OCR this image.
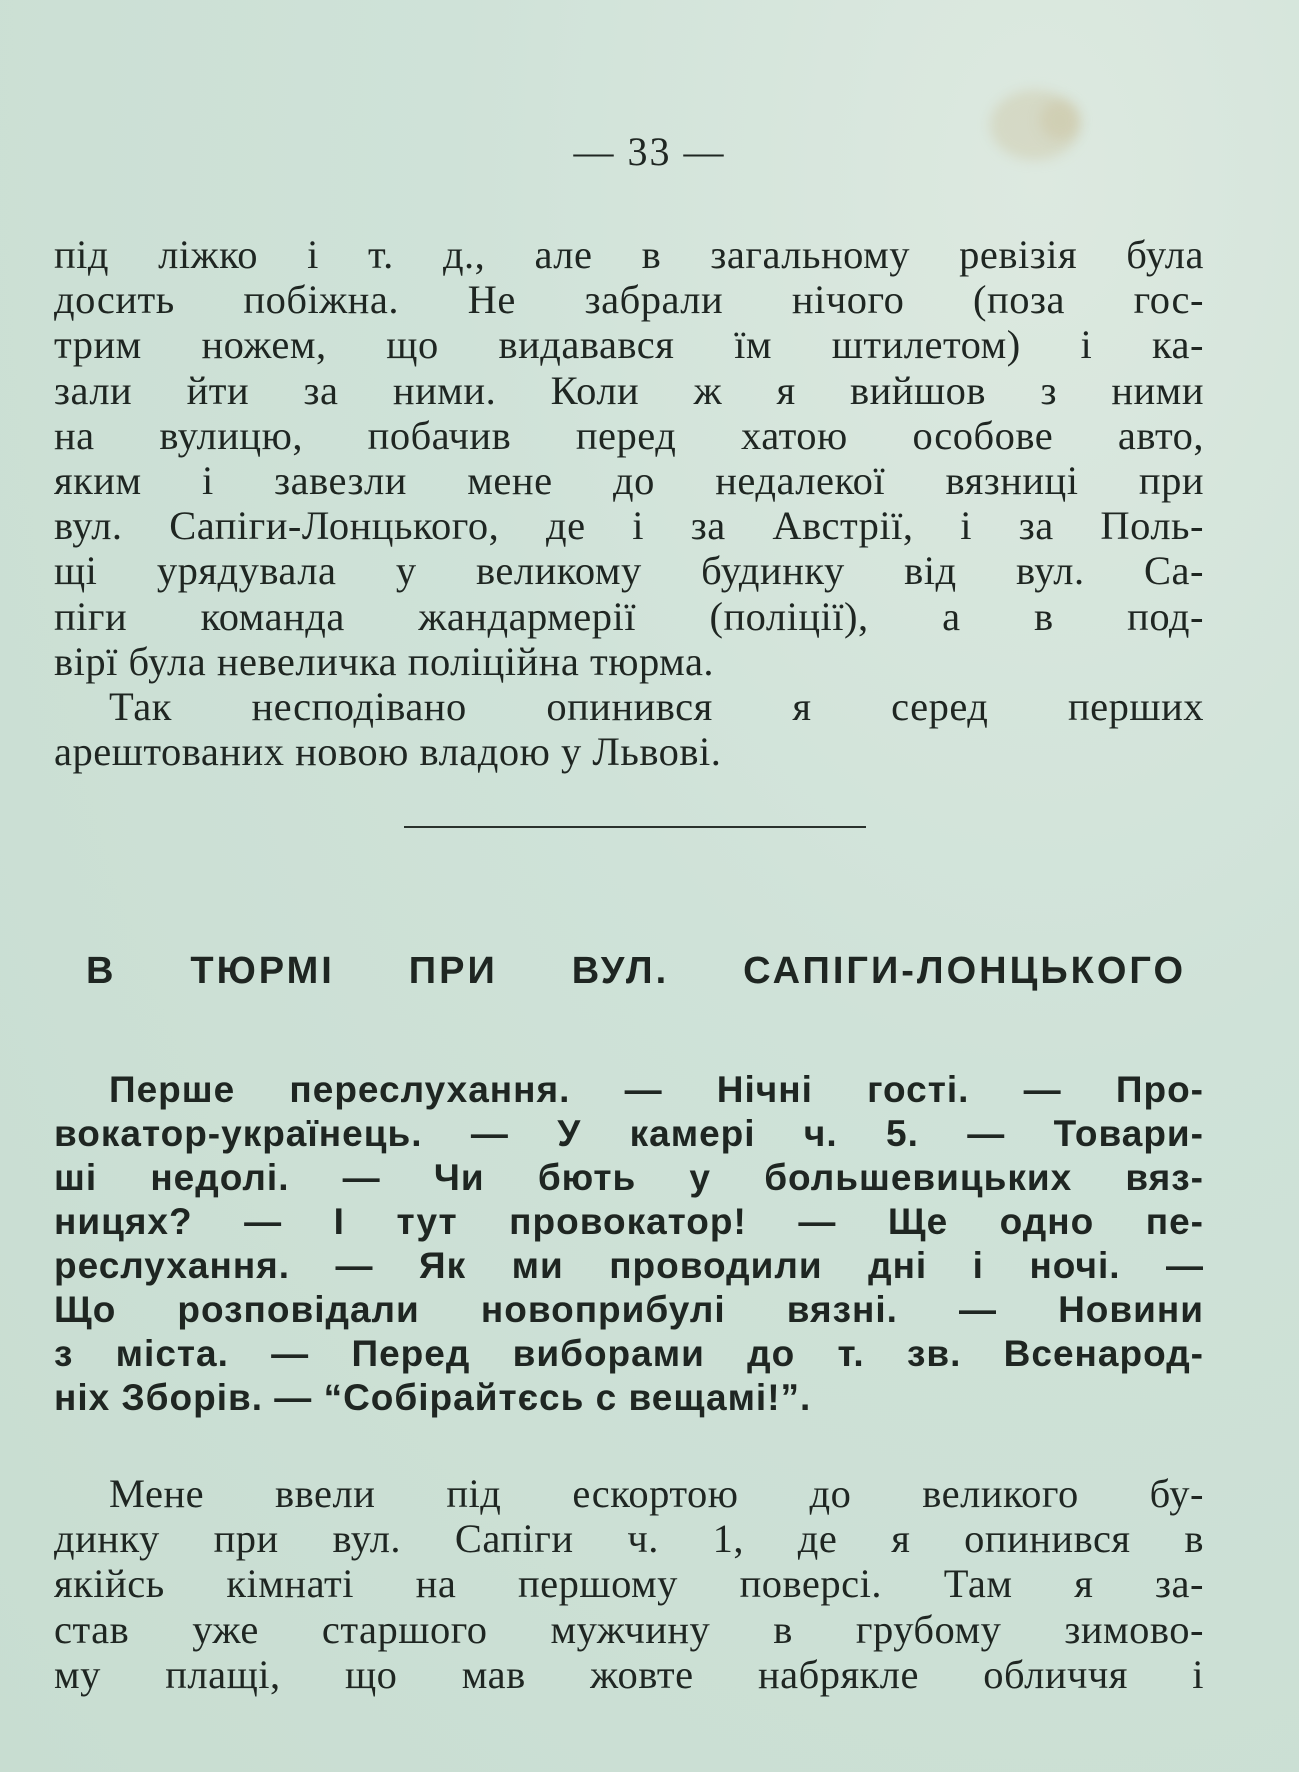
— 33 —
під ліжко і т. д., але в загальному ревізія була
досить побіжна. Не забрали нічого (поза гос-
трим ножем, що видавався їм штилетом) і ка-
зали йти за ними. Коли ж я вийшов з ними
на вулицю, побачив перед хатою особове авто,
яким і завезли мене до недалекої вязниці при
вул. Сапіги-Лонцького, де і за Австрії, і за Поль-
щі урядувала у великому будинку від вул. Са-
піги команда жандармерії (поліції), а в под-
вірї була невеличка поліційна тюрма.
Так несподівано опинився я серед перших
арештованих новою владою у Львові.
В ТЮРМІ ПРИ ВУЛ. САПІГИ-ЛОНЦЬКОГО
Перше переслухання. — Нічні гості. — Про-
вокатор-українець. — У камері ч. 5. — Товари-
ші недолі. — Чи бють у большевицьких вяз-
ницях? — І тут провокатор! — Ще одно пе-
реслухання. — Як ми проводили дні і ночі. —
Що розповідали новоприбулі вязні. — Новини
з міста. — Перед виборами до т. зв. Всенарод-
ніх Зборів. — “Собірайтєсь с вещамі!”.
Мене ввели під ескортою до великого бу-
динку при вул. Сапіги ч. 1, де я опинився в
якійсь кімнаті на першому поверсі. Там я за-
став уже старшого мужчину в грубому зимово-
му плащі, що мав жовте набрякле обличчя і
